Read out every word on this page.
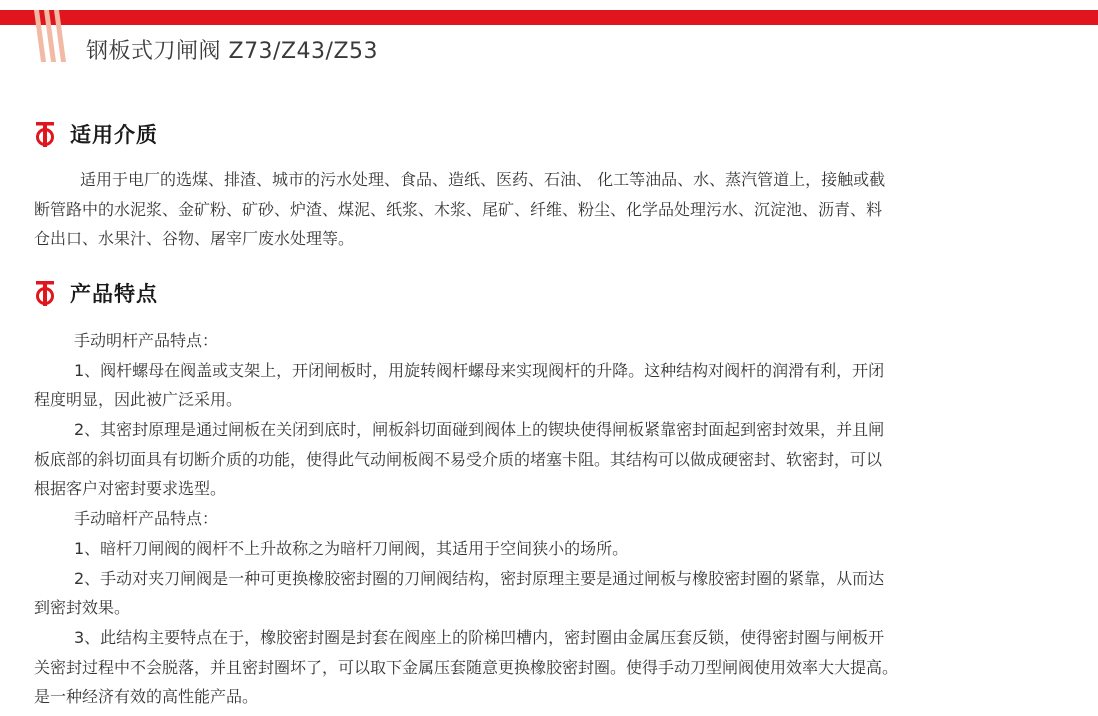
钢板式刀闸阀 Z73/Z43/Z53
适用介质
适用于电厂的选煤、排渣、城市的污水处理、食品、造纸、医药、石油、 化工等油品、水、蒸汽管道上，接触或截
断管路中的水泥浆、金矿粉、矿砂、炉渣、煤泥、纸浆、木浆、尾矿、纤维、粉尘、化学品处理污水、沉淀池、沥青、料
仓出口、水果汁、谷物、屠宰厂废水处理等。
产品特点
手动明杆产品特点：
1、阀杆螺母在阀盖或支架上，开闭闸板时，用旋转阀杆螺母来实现阀杆的升降。这种结构对阀杆的润滑有利，开闭
程度明显，因此被广泛采用。
2、其密封原理是通过闸板在关闭到底时，闸板斜切面碰到阀体上的锲块使得闸板紧靠密封面起到密封效果，并且闸
板底部的斜切面具有切断介质的功能，使得此气动闸板阀不易受介质的堵塞卡阻。其结构可以做成硬密封、软密封，可以
根据客户对密封要求选型。
手动暗杆产品特点：
1、暗杆刀闸阀的阀杆不上升故称之为暗杆刀闸阀，其适用于空间狭小的场所。
2、手动对夹刀闸阀是一种可更换橡胶密封圈的刀闸阀结构，密封原理主要是通过闸板与橡胶密封圈的紧靠，从而达
到密封效果。
3、此结构主要特点在于，橡胶密封圈是封套在阀座上的阶梯凹槽内，密封圈由金属压套反锁，使得密封圈与闸板开
关密封过程中不会脱落，并且密封圈坏了，可以取下金属压套随意更换橡胶密封圈。使得手动刀型闸阀使用效率大大提高。
是一种经济有效的高性能产品。
